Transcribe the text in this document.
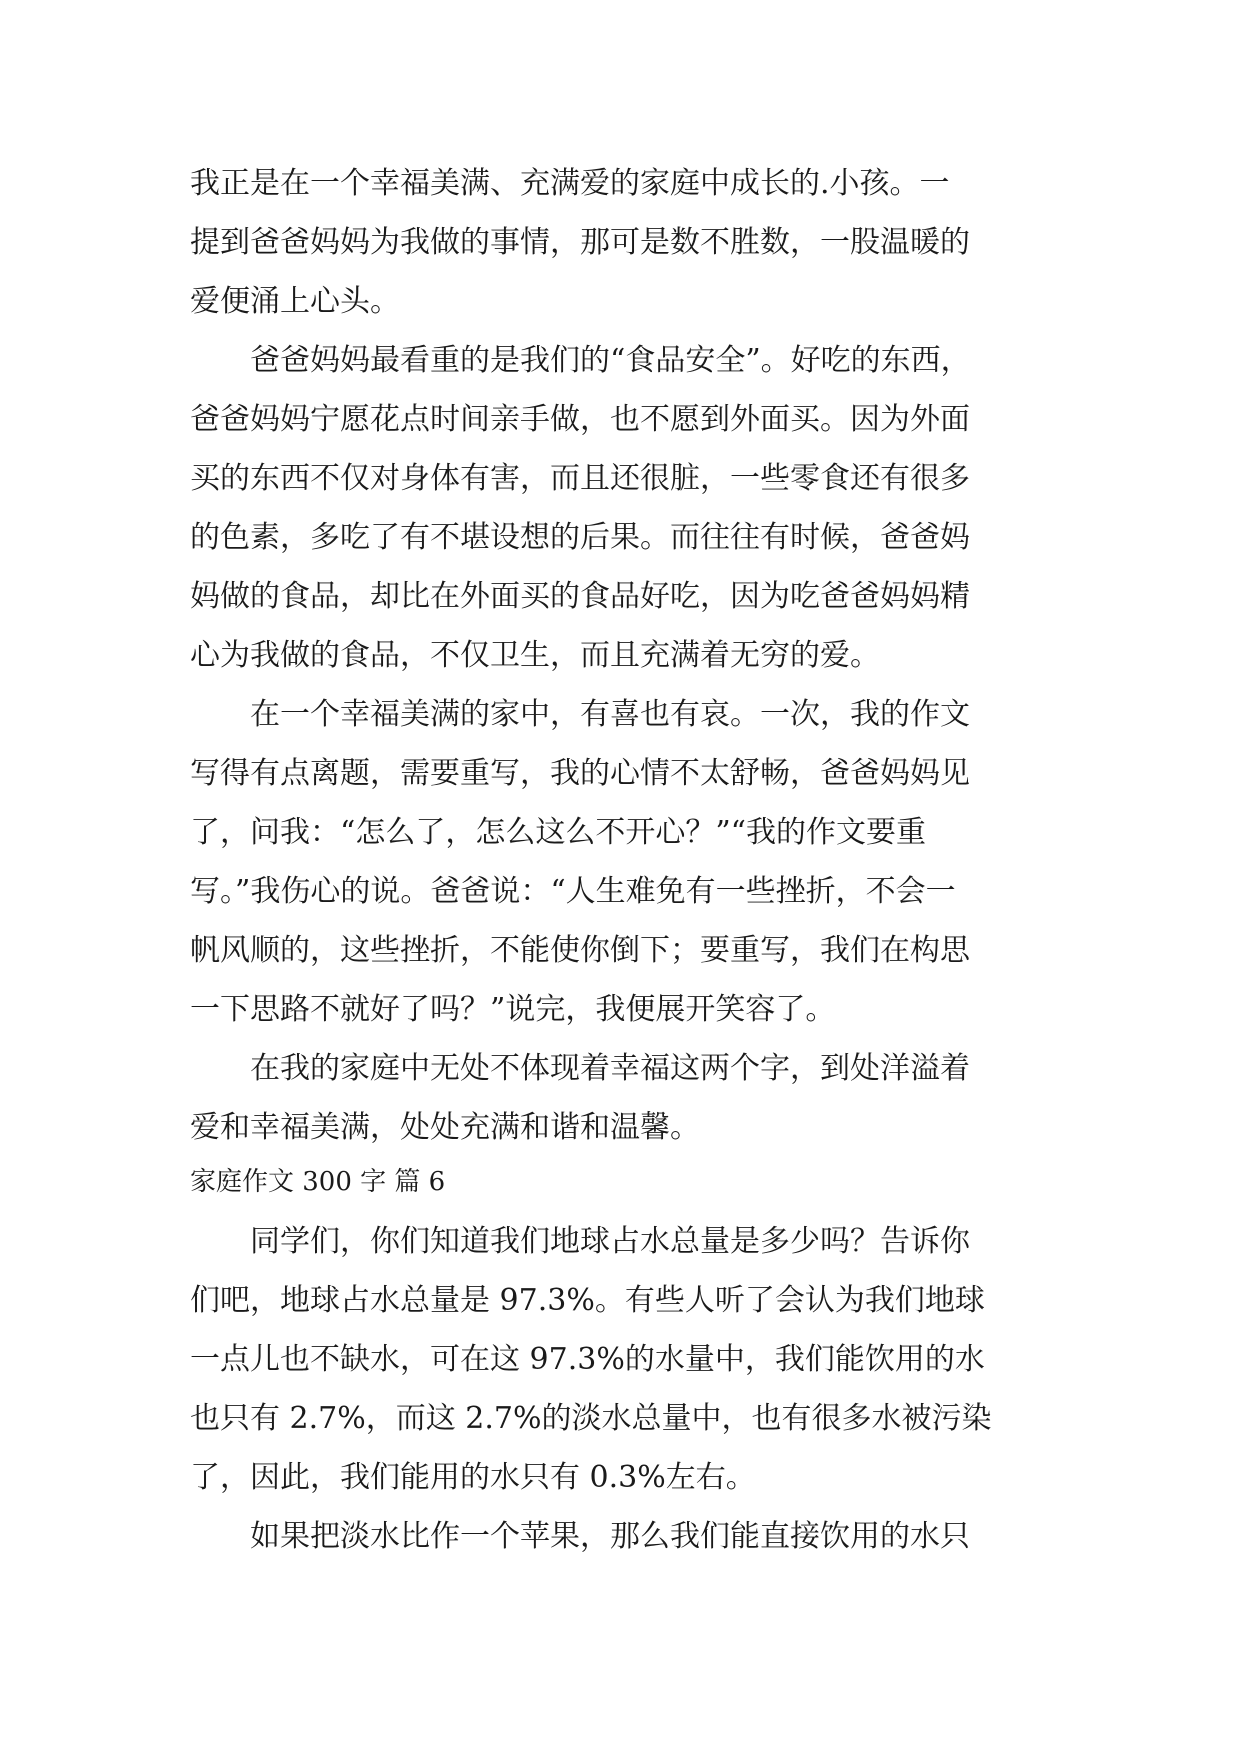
我正是在一个幸福美满、充满爱的家庭中成长的.小孩。一
提到爸爸妈妈为我做的事情，那可是数不胜数，一股温暖的
爱便涌上心头。
　　爸爸妈妈最看重的是我们的“食品安全”。好吃的东西，
爸爸妈妈宁愿花点时间亲手做，也不愿到外面买。因为外面
买的东西不仅对身体有害，而且还很脏，一些零食还有很多
的色素，多吃了有不堪设想的后果。而往往有时候，爸爸妈
妈做的食品，却比在外面买的食品好吃，因为吃爸爸妈妈精
心为我做的食品，不仅卫生，而且充满着无穷的爱。
　　在一个幸福美满的家中，有喜也有哀。一次，我的作文
写得有点离题，需要重写，我的心情不太舒畅，爸爸妈妈见
了，问我：“怎么了，怎么这么不开心？”“我的作文要重
写。”我伤心的说。爸爸说：“人生难免有一些挫折，不会一
帆风顺的，这些挫折，不能使你倒下；要重写，我们在构思
一下思路不就好了吗？”说完，我便展开笑容了。
　　在我的家庭中无处不体现着幸福这两个字，到处洋溢着
爱和幸福美满，处处充满和谐和温馨。
家庭作文 300 字 篇 6
　　同学们，你们知道我们地球占水总量是多少吗？告诉你
们吧，地球占水总量是 97.3%。有些人听了会认为我们地球
一点儿也不缺水，可在这 97.3%的水量中，我们能饮用的水
也只有 2.7%，而这 2.7%的淡水总量中，也有很多水被污染
了，因此，我们能用的水只有 0.3%左右。
　　如果把淡水比作一个苹果，那么我们能直接饮用的水只
